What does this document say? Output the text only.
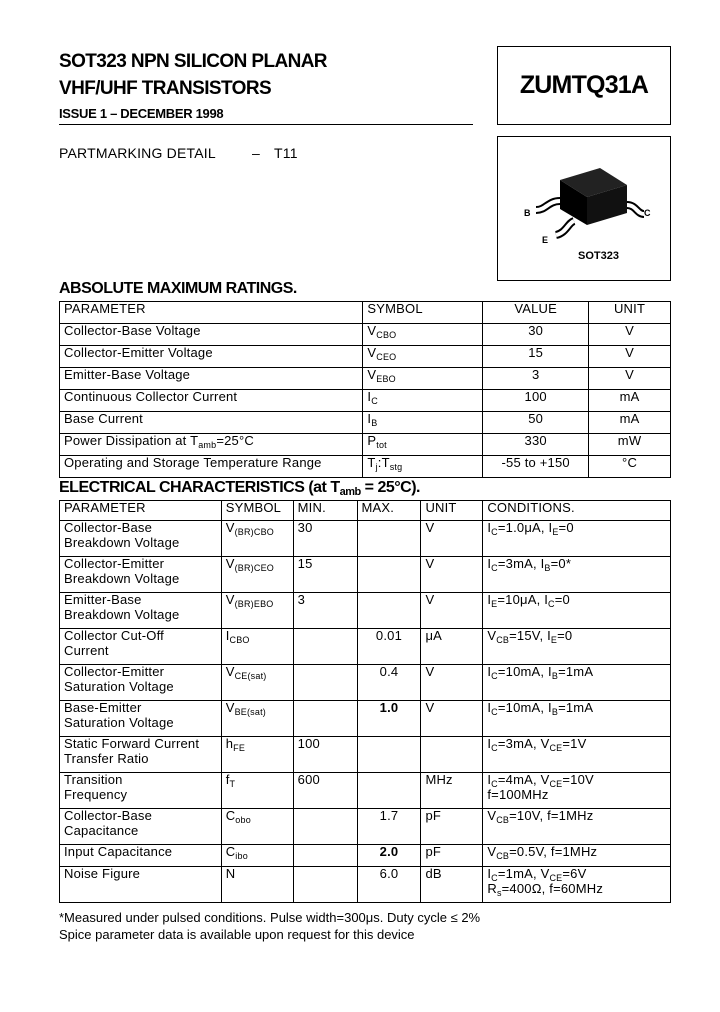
SOT323 NPN SILICON PLANAR
VHF/UHF TRANSISTORS
ISSUE 1 – DECEMBER 1998
ZUMTQ31A
PARTMARKING DETAIL	– T11
B	C
E
SOT323
ABSOLUTE MAXIMUM RATINGS.
PARAMETER	SYMBOL	VALUE	UNIT
Collector-Base Voltage	$V_{CBO}$	30	V
Collector-Emitter Voltage	$V_{CEO}$	15	V
Emitter-Base Voltage	$V_{EBO}$	3	V
Continuous Collector Current	$I_C$	100	mA
Base Current	$I_B$	50	mA
Power Dissipation at $T_{amb}=25^\circ C$	$P_{tot}$	330	mW
Operating and Storage Temperature Range	$T_j:T_{stg}$	-55 to +150	°C
ELECTRICAL CHARACTERISTICS (at $T_{amb} = 25^\circ C$).
PARAMETER	SYMBOL	MIN.	MAX.	UNIT	CONDITIONS.
Collector-Base
Breakdown Voltage	$V_{(BR)CBO}$	30		V	$I_C=1.0\mu A$, $I_E=0$
Collector-Emitter
Breakdown Voltage	$V_{(BR)CEO}$	15		V	$I_C=3mA$, $I_B=0*$
Emitter-Base
Breakdown Voltage	$V_{(BR)EBO}$	3		V	$I_E=10\mu A$, $I_C=0$
Collector Cut-Off
Current	$I_{CBO}$		0.01	μA	$V_{CB}=15V$, $I_E=0$
Collector-Emitter
Saturation Voltage	$V_{CE(sat)}$		0.4	V	$I_C=10mA$, $I_B=1mA$
Base-Emitter
Saturation Voltage	$V_{BE(sat)}$		1.0	V	$I_C=10mA$, $I_B=1mA$
Static Forward Current
Transfer Ratio	$h_{FE}$	100			$I_C=3mA$, $V_{CE}=1V$
Transition
Frequency	$f_T$	600		MHz	$I_C=4mA$, $V_{CE}=10V$
f=100MHz
Collector-Base
Capacitance	$C_{obo}$		1.7	pF	$V_{CB}=10V$, f=1MHz
Input Capacitance	$C_{ibo}$		2.0	pF	$V_{CB}=0.5V$, f=1MHz
Noise Figure	N		6.0	dB	$I_C=1mA$, $V_{CE}=6V$
$R_s=400\Omega$, f=60MHz
*Measured under pulsed conditions. Pulse width=300μs. Duty cycle ≤ 2%
Spice parameter data is available upon request for this device
